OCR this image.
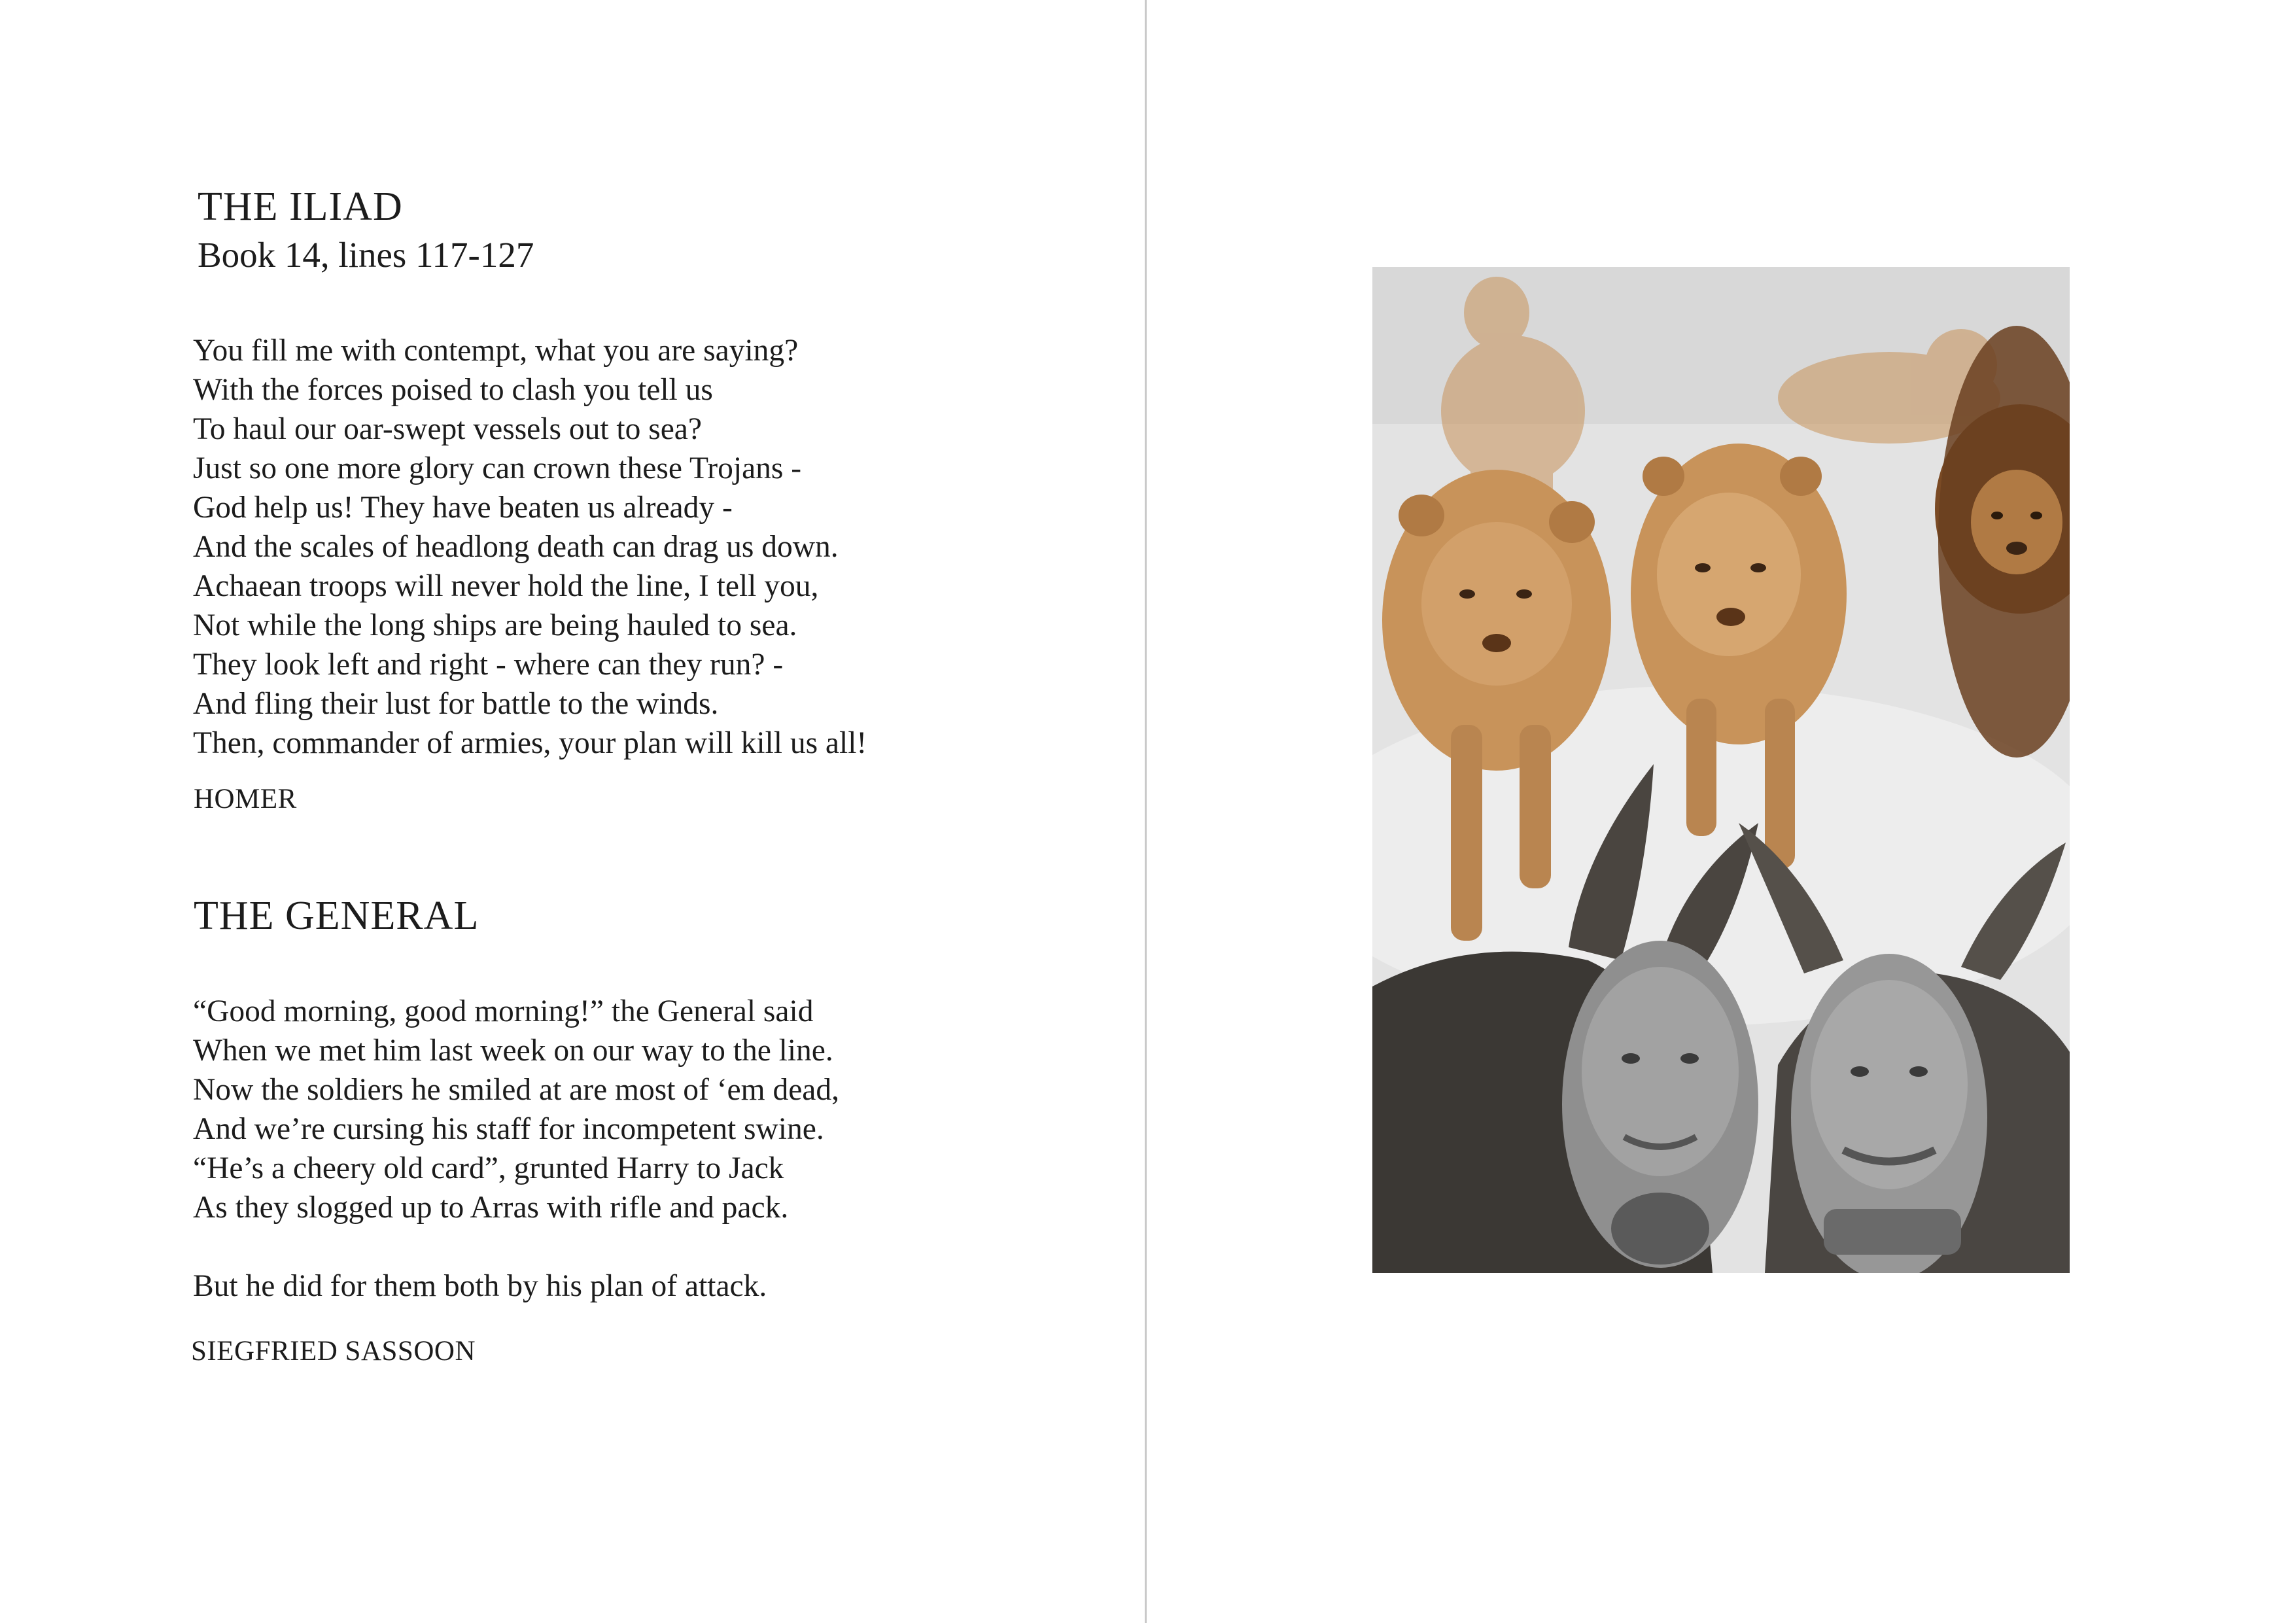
THE ILIAD
Book 14, lines 117-127
You fill me with contempt, what you are saying?
With the forces poised to clash you tell us
To haul our oar-swept vessels out to sea?
Just so one more glory can crown these Trojans -
God help us! They have beaten us already -
And the scales of headlong death can drag us down.
Achaean troops will never hold the line, I tell you,
Not while the long ships are being hauled to sea.
They look left and right - where can they run? -
And fling their lust for battle to the winds.
Then, commander of armies, your plan will kill us all!
HOMER
THE GENERAL
“Good morning, good morning!” the General said
When we met him last week on our way to the line.
Now the soldiers he smiled at are most of ‘em dead,
And we’re cursing his staff for incompetent swine.
“He’s a cheery old card”, grunted Harry to Jack
As they slogged up to Arras with rifle and pack.
But he did for them both by his plan of attack.
SIEGFRIED SASSOON
